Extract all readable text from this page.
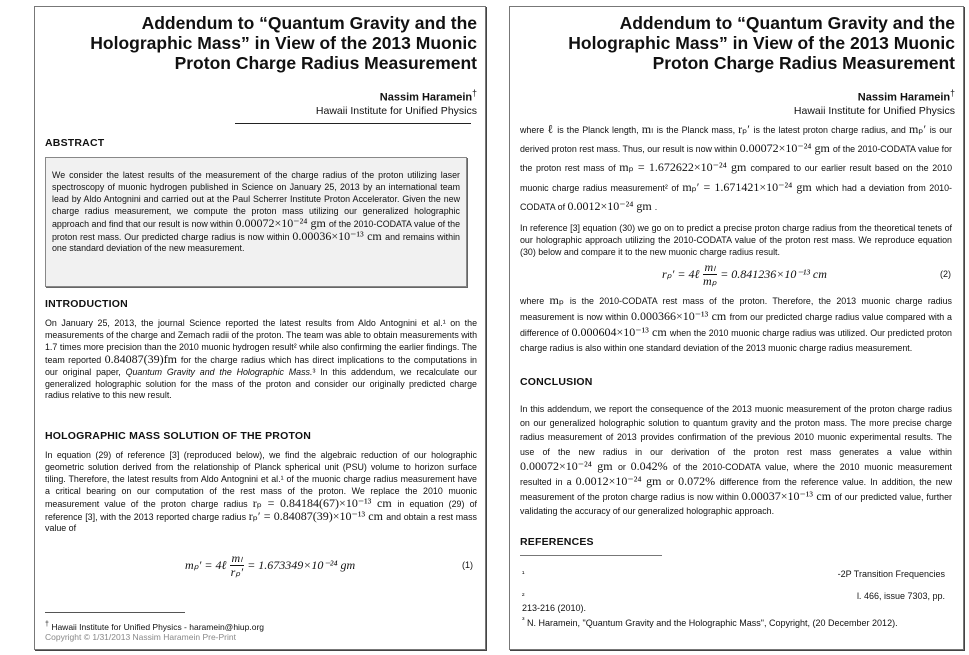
Addendum to “Quantum Gravity and the Holographic Mass” in View of the 2013 Muonic Proton Charge Radius Measurement
Nassim Haramein†
Hawaii Institute for Unified Physics
ABSTRACT
We consider the latest results of the measurement of the charge radius of the proton utilizing laser spectroscopy of muonic hydrogen published in Science on January 25, 2013 by an international team lead by Aldo Antognini and carried out at the Paul Scherrer Institute Proton Accelerator. Given the new charge radius measurement, we compute the proton mass utilizing our generalized holographic approach and find that our result is now within 0.00072×10⁻²⁴ gm of the 2010-CODATA value of the proton rest mass. Our predicted charge radius is now within 0.00036×10⁻¹³ cm and remains within one standard deviation of the new measurement.
INTRODUCTION
On January 25, 2013, the journal Science reported the latest results from Aldo Antognini et al.¹ on the measurements of the charge and Zemach radii of the proton. The team was able to obtain measurements with 1.7 times more precision than the 2010 muonic hydrogen result² while also confirming the earlier findings. The team reported 0.84087(39)fm for the charge radius which has direct implications to the computations in our original paper, Quantum Gravity and the Holographic Mass.³ In this addendum, we recalculate our generalized holographic solution for the mass of the proton and consider our originally predicted charge radius relative to this new result.
HOLOGRAPHIC MASS SOLUTION OF THE PROTON
In equation (29) of reference [3] (reproduced below), we find the algebraic reduction of our holographic geometric solution derived from the relationship of Planck spherical unit (PSU) volume to horizon surface tiling. Therefore, the latest results from Aldo Antognini et al.¹ of the muonic charge radius measurement have a critical bearing on our computation of the rest mass of the proton. We replace the 2010 muonic measurement value of the proton charge radius rₚ = 0.84184(67)×10⁻¹³ cm in equation (29) of reference [3], with the 2013 reported charge radius rₚ′ = 0.84087(39)×10⁻¹³ cm and obtain a rest mass value of
mₚ′ = 4ℓ $\frac{\text{mₗ}}{\text{rₚ′}} = 1.673349\times 10^{-24}$ gm	(1)
† Hawaii Institute for Unified Physics - haramein@hiup.org
Copyright © 1/31/2013 Nassim Haramein Pre-Print
Addendum to “Quantum Gravity and the Holographic Mass” in View of the 2013 Muonic Proton Charge Radius Measurement
Nassim Haramein†
Hawaii Institute for Unified Physics
where ℓ is the Planck length, mₗ is the Planck mass, rₚ′ is the latest proton charge radius, and mₚ′ is our derived proton rest mass. Thus, our result is now within 0.00072×10⁻²⁴ gm of the 2010-CODATA value for the proton rest mass of mₚ = 1.672622×10⁻²⁴ gm compared to our earlier result based on the 2010 muonic charge radius measurement² of mₚ′ = 1.671421×10⁻²⁴ gm which had a deviation from 2010-CODATA of 0.0012×10⁻²⁴ gm .
In reference [3] equation (30) we go on to predict a precise proton charge radius from the theoretical tenets of our holographic approach utilizing the 2010-CODATA value of the proton rest mass. We reproduce equation (30) below and compare it to the new muonic charge radius result.
rₚ′ = 4ℓ $\frac{\text{mₗ}}{\text{mₚ}} = 0.841236\times 10^{-13}$ cm	(2)
where mₚ is the 2010-CODATA rest mass of the proton. Therefore, the 2013 muonic charge radius measurement is now within 0.000366×10⁻¹³ cm from our predicted charge radius value compared with a difference of 0.000604×10⁻¹³ cm when the 2010 muonic charge radius was utilized. Our predicted proton charge radius is also within one standard deviation of the 2013 muonic charge radius measurement.
CONCLUSION
In this addendum, we report the consequence of the 2013 muonic measurement of the proton charge radius on our generalized holographic solution to quantum gravity and the proton mass. The more precise charge radius measurement of 2013 provides confirmation of the previous 2010 muonic experimental results. The use of the new radius in our derivation of the proton rest mass generates a value within 0.00072×10⁻²⁴ gm or 0.042% of the 2010-CODATA value, where the 2010 muonic measurement resulted in a 0.0012×10⁻²⁴ gm or 0.072% difference from the reference value. In addition, the new measurement of the proton charge radius is now within 0.00037×10⁻¹³ cm of our predicted value, further validating the accuracy of our generalized holographic approach.
REFERENCES
$^{^1}$	-2P Transition Frequencies
$^{^2}$	l. 466, issue 7303, pp.
213-216 (2010).
$^{^3}$ N. Haramein, "Quantum Gravity and the Holographic Mass", Copyright, (20 December 2012).
